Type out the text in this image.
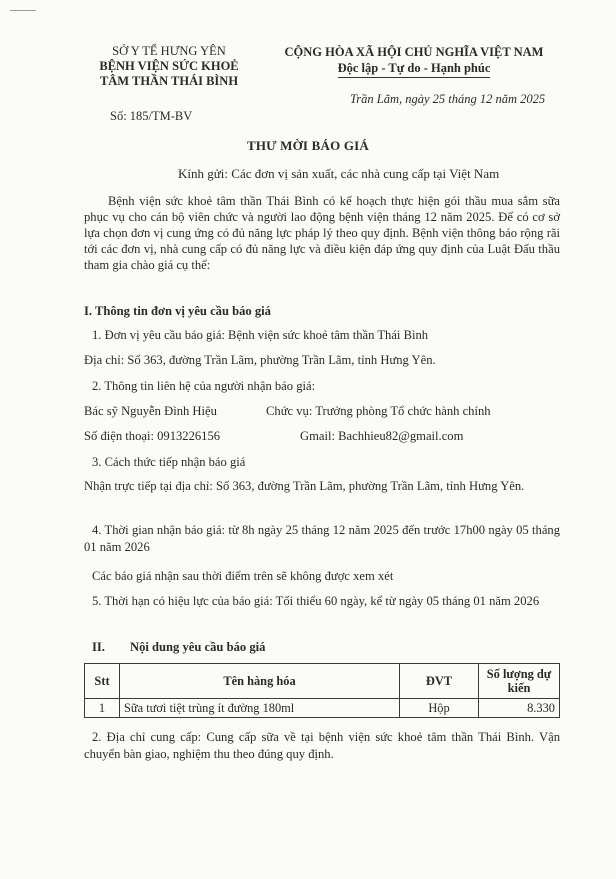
SỞ Y TẾ HƯNG YÊN
BỆNH VIỆN SỨC KHOẺ
TÂM THẦN THÁI BÌNH
CỘNG HÒA XÃ HỘI CHỦ NGHĨA VIỆT NAM
Độc lập - Tự do - Hạnh phúc
Trần Lãm, ngày 25 tháng 12 năm 2025
Số: 185/TM-BV
THƯ MỜI BÁO GIÁ
Kính gửi: Các đơn vị sản xuất, các nhà cung cấp tại Việt Nam
Bệnh viện sức khoẻ tâm thần Thái Bình có kế hoạch thực hiện gói thầu mua sắm sữa phục vụ cho cán bộ viên chức và người lao động bệnh viện tháng 12 năm 2025. Để có cơ sở lựa chọn đơn vị cung ứng có đủ năng lực pháp lý theo quy định. Bệnh viện thông báo rộng rãi tới các đơn vị, nhà cung cấp có đủ năng lực và điều kiện đáp ứng quy định của Luật Đấu thầu tham gia chào giá cụ thể:
I. Thông tin đơn vị yêu cầu báo giá
1. Đơn vị yêu cầu báo giá: Bệnh viện sức khoẻ tâm thần Thái Bình
Địa chỉ: Số 363, đường Trần Lãm, phường Trần Lãm, tỉnh Hưng Yên.
2. Thông tin liên hệ của người nhận báo giá:
Bác sỹ Nguyễn Đình Hiệu	Chức vụ: Trưởng phòng Tổ chức hành chính
Số điện thoại: 0913226156	Gmail: Bachhieu82@gmail.com
3. Cách thức tiếp nhận báo giá
Nhận trực tiếp tại địa chỉ: Số 363, đường Trần Lãm, phường Trần Lãm, tỉnh Hưng Yên.
4. Thời gian nhận báo giá: từ 8h ngày 25 tháng 12 năm 2025 đến trước 17h00 ngày 05 tháng 01 năm 2026
Các báo giá nhận sau thời điểm trên sẽ không được xem xét
5. Thời hạn có hiệu lực của báo giá: Tối thiểu 60 ngày, kể từ ngày 05 tháng 01 năm 2026
II. Nội dung yêu cầu báo giá
Stt	Tên hàng hóa	ĐVT	Số lượng dự kiến
1	Sữa tươi tiệt trùng ít đường 180ml	Hộp	8.330
2. Địa chỉ cung cấp: Cung cấp sữa về tại bệnh viện sức khoẻ tâm thần Thái Bình. Vận chuyển bàn giao, nghiệm thu theo đúng quy định.
